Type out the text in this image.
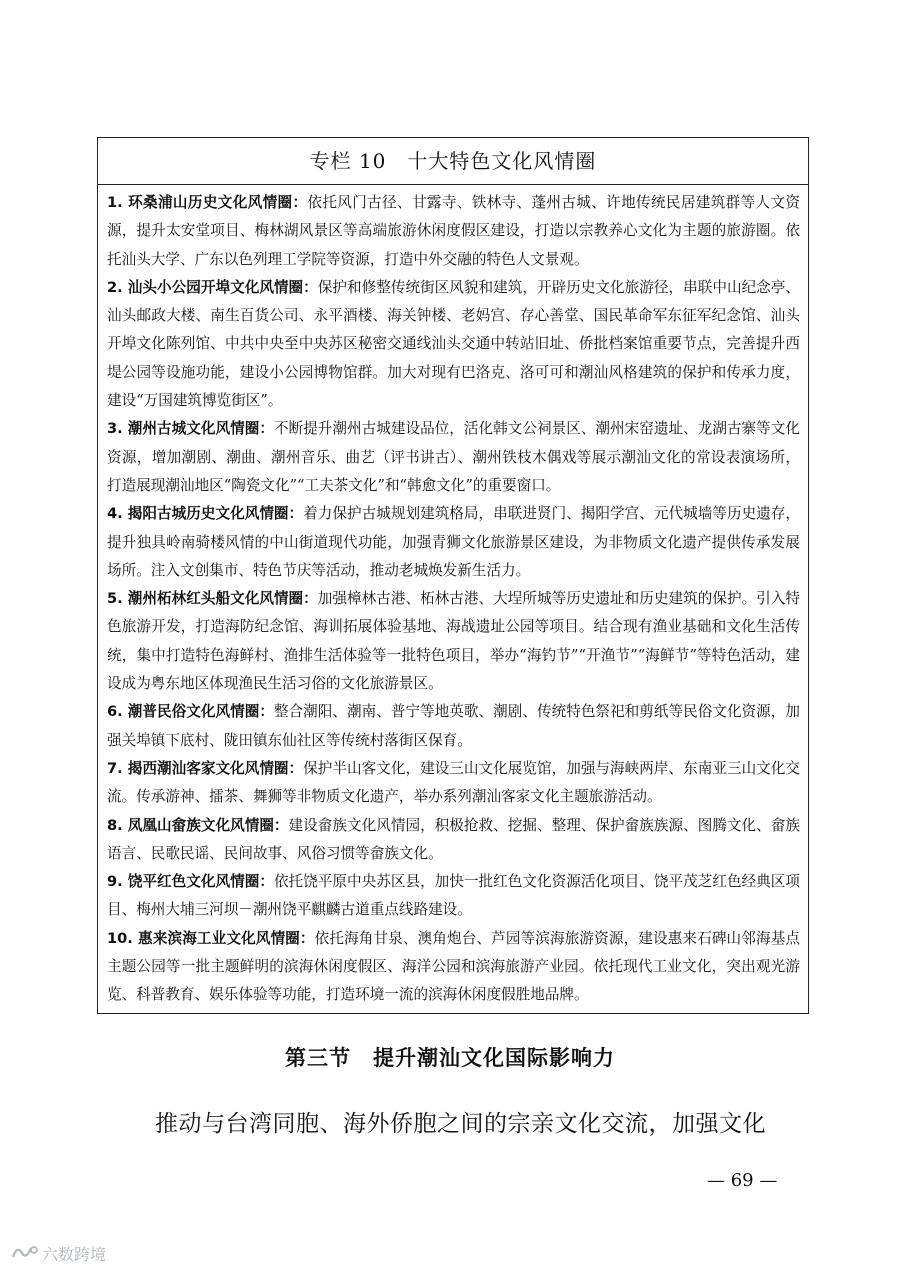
专栏 10　十大特色文化风情圈

1. 环桑浦山历史文化风情圈：依托风门古径、甘露寺、铁林寺、蓬州古城、许地传统民居建筑群等人文资源，提升太安堂项目、梅林湖风景区等高端旅游休闲度假区建设，打造以宗教养心文化为主题的旅游圈。依托汕头大学、广东以色列理工学院等资源，打造中外交融的特色人文景观。

2. 汕头小公园开埠文化风情圈：保护和修整传统街区风貌和建筑，开辟历史文化旅游径，串联中山纪念亭、汕头邮政大楼、南生百货公司、永平酒楼、海关钟楼、老妈宫、存心善堂、国民革命军东征军纪念馆、汕头开埠文化陈列馆、中共中央至中央苏区秘密交通线汕头交通中转站旧址、侨批档案馆重要节点，完善提升西堤公园等设施功能，建设小公园博物馆群。加大对现有巴洛克、洛可可和潮汕风格建筑的保护和传承力度，建设“万国建筑博览街区”。

3. 潮州古城文化风情圈：不断提升潮州古城建设品位，活化韩文公祠景区、潮州宋窑遗址、龙湖古寨等文化资源，增加潮剧、潮曲、潮州音乐、曲艺（评书讲古）、潮州铁枝木偶戏等展示潮汕文化的常设表演场所，打造展现潮汕地区“陶瓷文化”“工夫茶文化”和“韩愈文化”的重要窗口。

4. 揭阳古城历史文化风情圈：着力保护古城规划建筑格局，串联进贤门、揭阳学宫、元代城墙等历史遗存，提升独具岭南骑楼风情的中山街道现代功能，加强青狮文化旅游景区建设，为非物质文化遗产提供传承发展场所。注入文创集市、特色节庆等活动，推动老城焕发新生活力。

5. 潮州柘林红头船文化风情圈：加强樟林古港、柘林古港、大埕所城等历史遗址和历史建筑的保护。引入特色旅游开发，打造海防纪念馆、海训拓展体验基地、海战遗址公园等项目。结合现有渔业基础和文化生活传统，集中打造特色海鲜村、渔排生活体验等一批特色项目，举办“海钓节”“开渔节”“海鲜节”等特色活动，建设成为粤东地区体现渔民生活习俗的文化旅游景区。

6. 潮普民俗文化风情圈：整合潮阳、潮南、普宁等地英歌、潮剧、传统特色祭祀和剪纸等民俗文化资源，加强关埠镇下底村、陇田镇东仙社区等传统村落街区保育。

7. 揭西潮汕客家文化风情圈：保护半山客文化，建设三山文化展览馆，加强与海峡两岸、东南亚三山文化交流。传承游神、擂茶、舞狮等非物质文化遗产，举办系列潮汕客家文化主题旅游活动。

8. 凤凰山畲族文化风情圈：建设畲族文化风情园，积极抢救、挖掘、整理、保护畲族族源、图腾文化、畲族语言、民歌民谣、民间故事、风俗习惯等畲族文化。

9. 饶平红色文化风情圈：依托饶平原中央苏区县，加快一批红色文化资源活化项目、饶平茂芝红色经典区项目、梅州大埔三河坝－潮州饶平麒麟古道重点线路建设。

10. 惠来滨海工业文化风情圈：依托海角甘泉、澳角炮台、芦园等滨海旅游资源，建设惠来石碑山邻海基点主题公园等一批主题鲜明的滨海休闲度假区、海洋公园和滨海旅游产业园。依托现代工业文化，突出观光游览、科普教育、娱乐体验等功能，打造环境一流的滨海休闲度假胜地品牌。

第三节　提升潮汕文化国际影响力
推动与台湾同胞、海外侨胞之间的宗亲文化交流，加强文化
— 69 —
六数跨境
